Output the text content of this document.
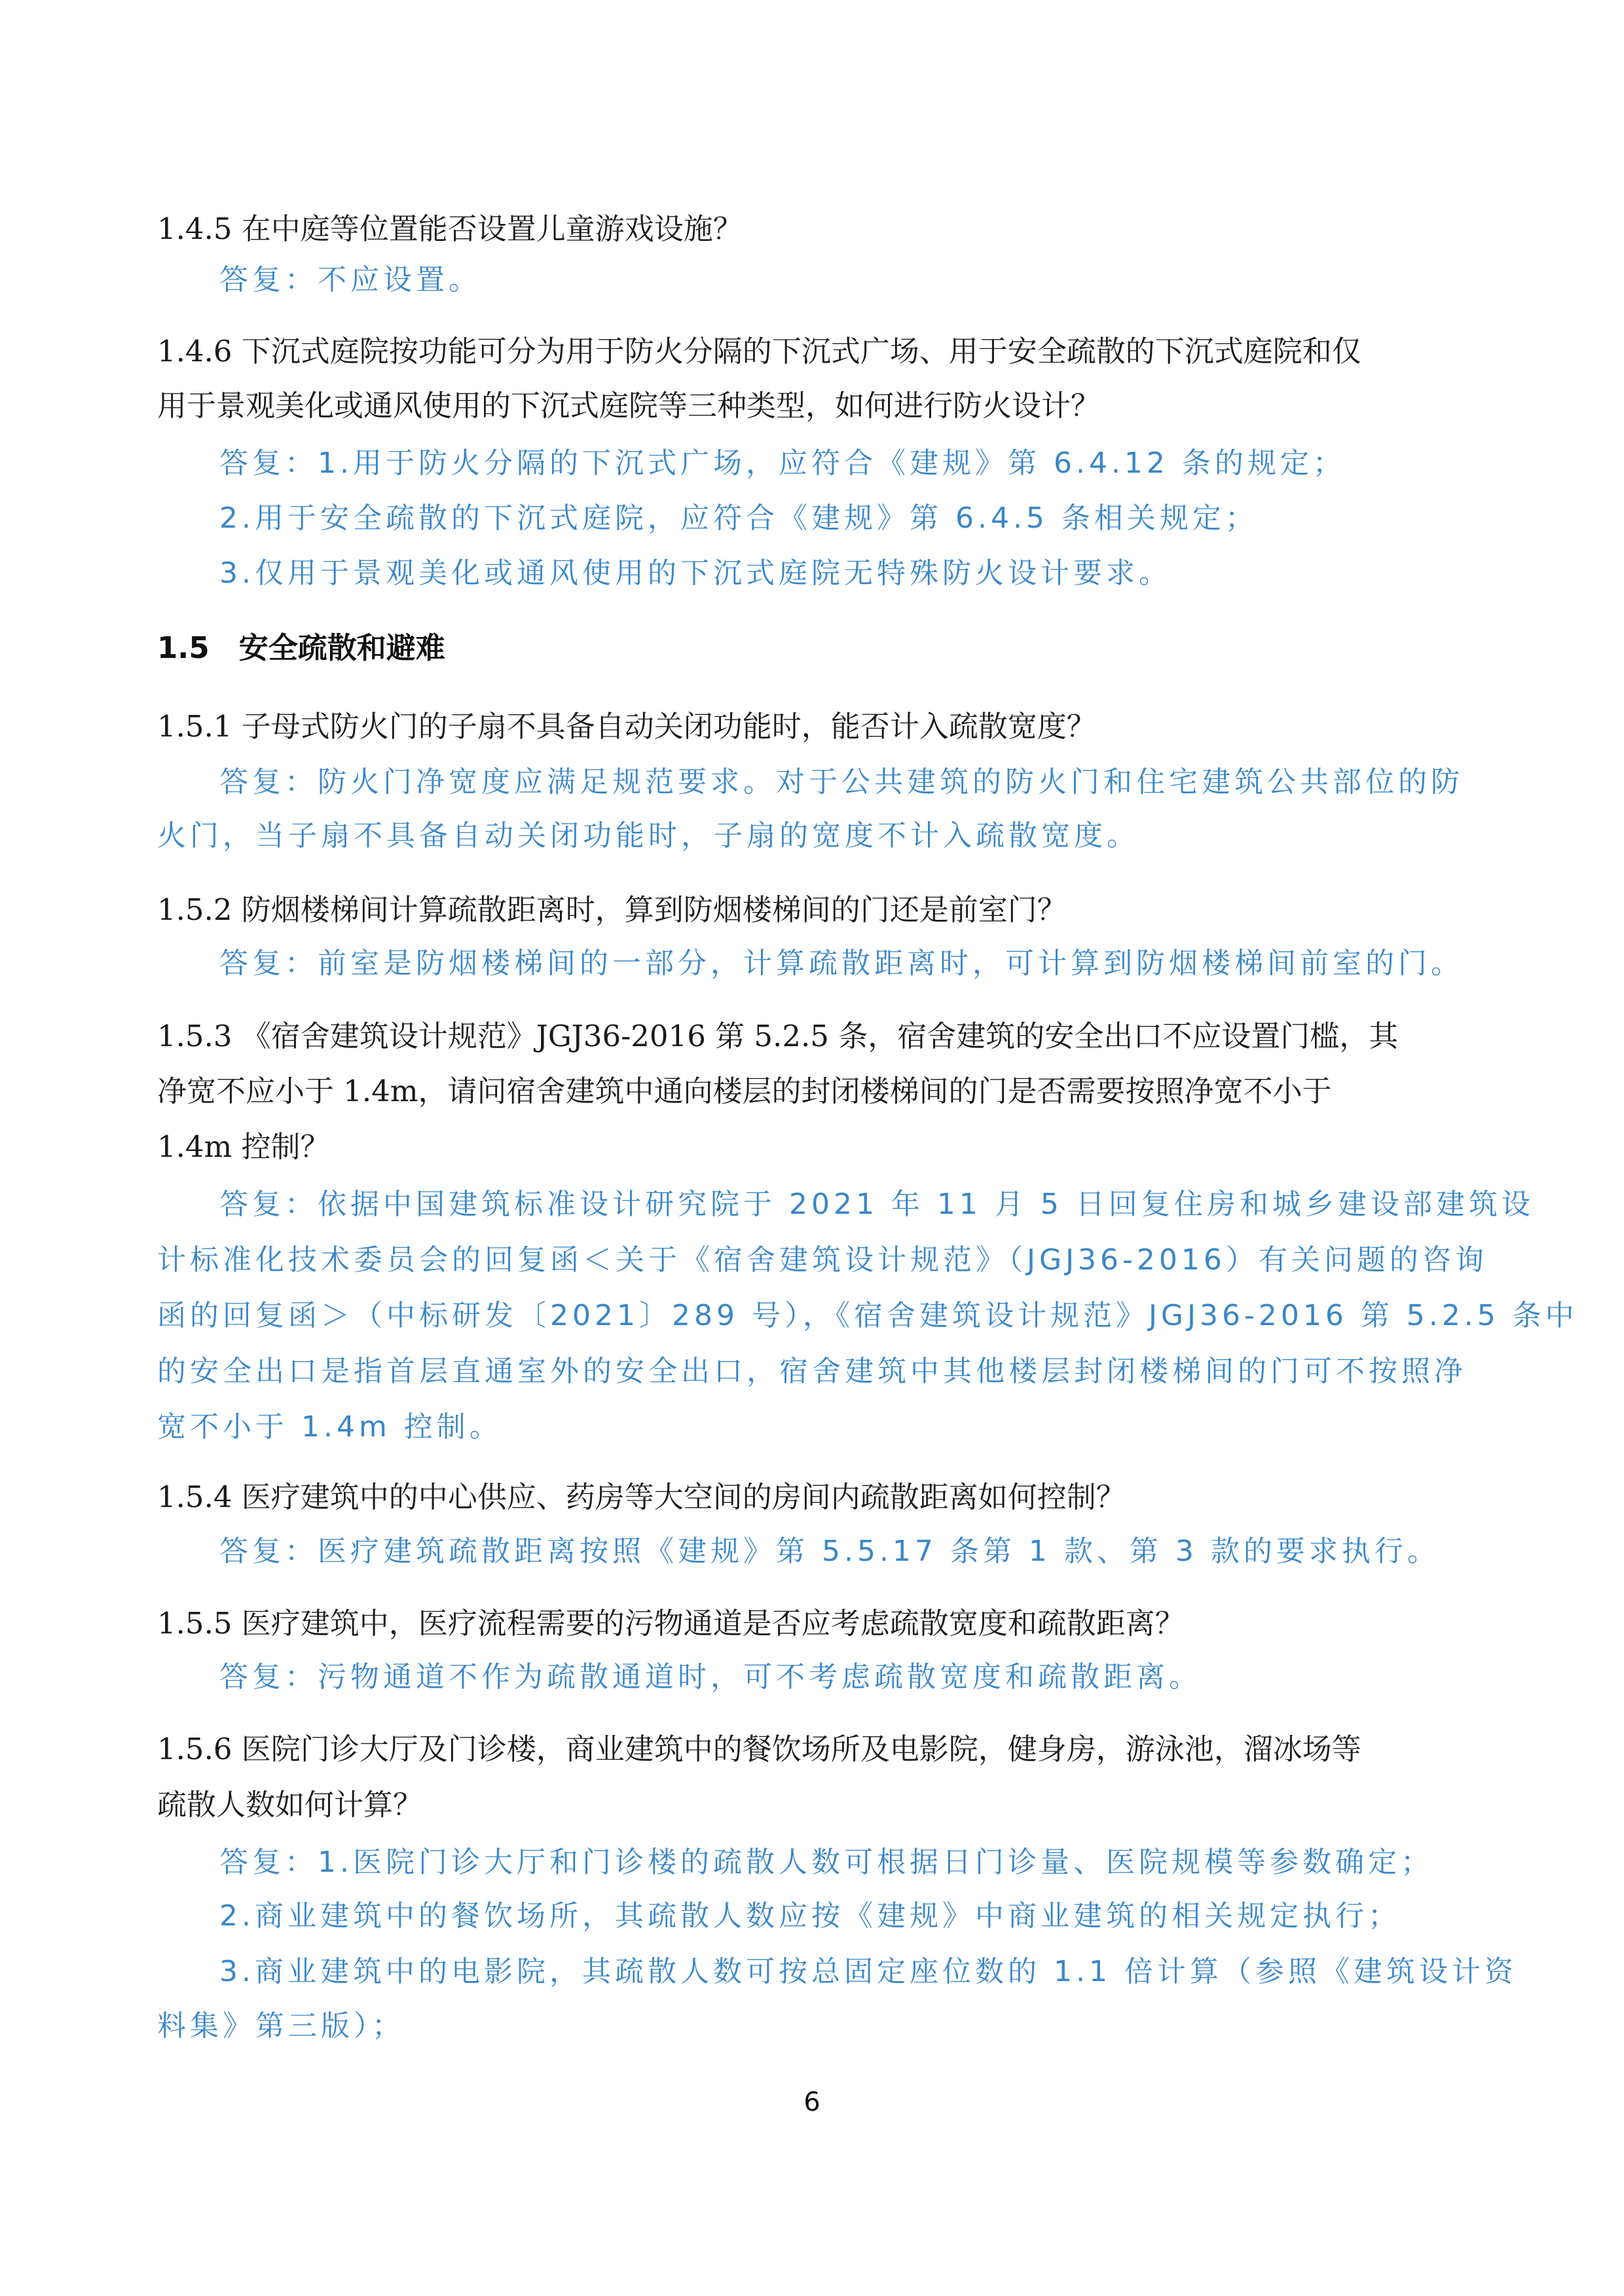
1.4.5 在中庭等位置能否设置儿童游戏设施？
答复：不应设置。
1.4.6 下沉式庭院按功能可分为用于防火分隔的下沉式广场、用于安全疏散的下沉式庭院和仅
用于景观美化或通风使用的下沉式庭院等三种类型，如何进行防火设计？
答复：1.用于防火分隔的下沉式广场，应符合《建规》第 6.4.12 条的规定；
2.用于安全疏散的下沉式庭院，应符合《建规》第 6.4.5 条相关规定；
3.仅用于景观美化或通风使用的下沉式庭院无特殊防火设计要求。
1.5　安全疏散和避难
1.5.1 子母式防火门的子扇不具备自动关闭功能时，能否计入疏散宽度？
答复：防火门净宽度应满足规范要求。对于公共建筑的防火门和住宅建筑公共部位的防
火门，当子扇不具备自动关闭功能时，子扇的宽度不计入疏散宽度。
1.5.2 防烟楼梯间计算疏散距离时，算到防烟楼梯间的门还是前室门？
答复：前室是防烟楼梯间的一部分，计算疏散距离时，可计算到防烟楼梯间前室的门。
1.5.3 《宿舍建筑设计规范》JGJ36-2016 第 5.2.5 条，宿舍建筑的安全出口不应设置门槛，其
净宽不应小于 1.4m，请问宿舍建筑中通向楼层的封闭楼梯间的门是否需要按照净宽不小于
1.4m 控制？
答复：依据中国建筑标准设计研究院于 2021 年 11 月 5 日回复住房和城乡建设部建筑设
计标准化技术委员会的回复函＜关于《宿舍建筑设计规范》（JGJ36-2016）有关问题的咨询
函的回复函＞（中标研发〔2021〕289 号），《宿舍建筑设计规范》JGJ36-2016 第 5.2.5 条中
的安全出口是指首层直通室外的安全出口，宿舍建筑中其他楼层封闭楼梯间的门可不按照净
宽不小于 1.4m 控制。
1.5.4 医疗建筑中的中心供应、药房等大空间的房间内疏散距离如何控制？
答复：医疗建筑疏散距离按照《建规》第 5.5.17 条第 1 款、第 3 款的要求执行。
1.5.5 医疗建筑中，医疗流程需要的污物通道是否应考虑疏散宽度和疏散距离？
答复：污物通道不作为疏散通道时，可不考虑疏散宽度和疏散距离。
1.5.6 医院门诊大厅及门诊楼，商业建筑中的餐饮场所及电影院，健身房，游泳池，溜冰场等
疏散人数如何计算？
答复：1.医院门诊大厅和门诊楼的疏散人数可根据日门诊量、医院规模等参数确定；
2.商业建筑中的餐饮场所，其疏散人数应按《建规》中商业建筑的相关规定执行；
3.商业建筑中的电影院，其疏散人数可按总固定座位数的 1.1 倍计算（参照《建筑设计资
料集》第三版）；
6
